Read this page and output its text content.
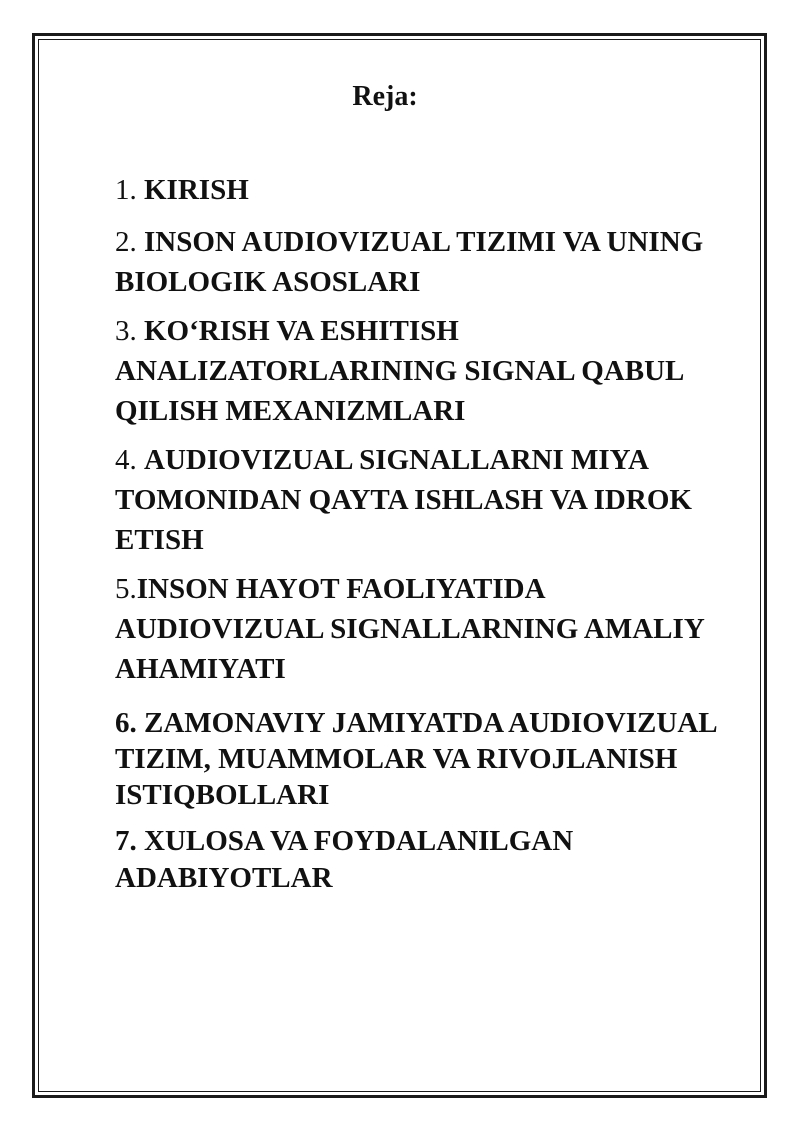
Reja:
1. KIRISH
2. INSON AUDIOVIZUAL TIZIMI VA UNING BIOLOGIK ASOSLARI
3. KO‘RISH VA ESHITISH ANALIZATORLARINING SIGNAL QABUL QILISH MEXANIZMLARI
4. AUDIOVIZUAL SIGNALLARNI MIYA TOMONIDAN QAYTA ISHLASH VA IDROK ETISH
5.INSON HAYOT FAOLIYATIDA AUDIOVIZUAL SIGNALLARNING AMALIY AHAMIYATI
6. ZAMONAVIY JAMIYATDA AUDIOVIZUAL TIZIM, MUAMMOLAR VA RIVOJLANISH ISTIQBOLLARI
7. XULOSA VA FOYDALANILGAN ADABIYOTLAR
